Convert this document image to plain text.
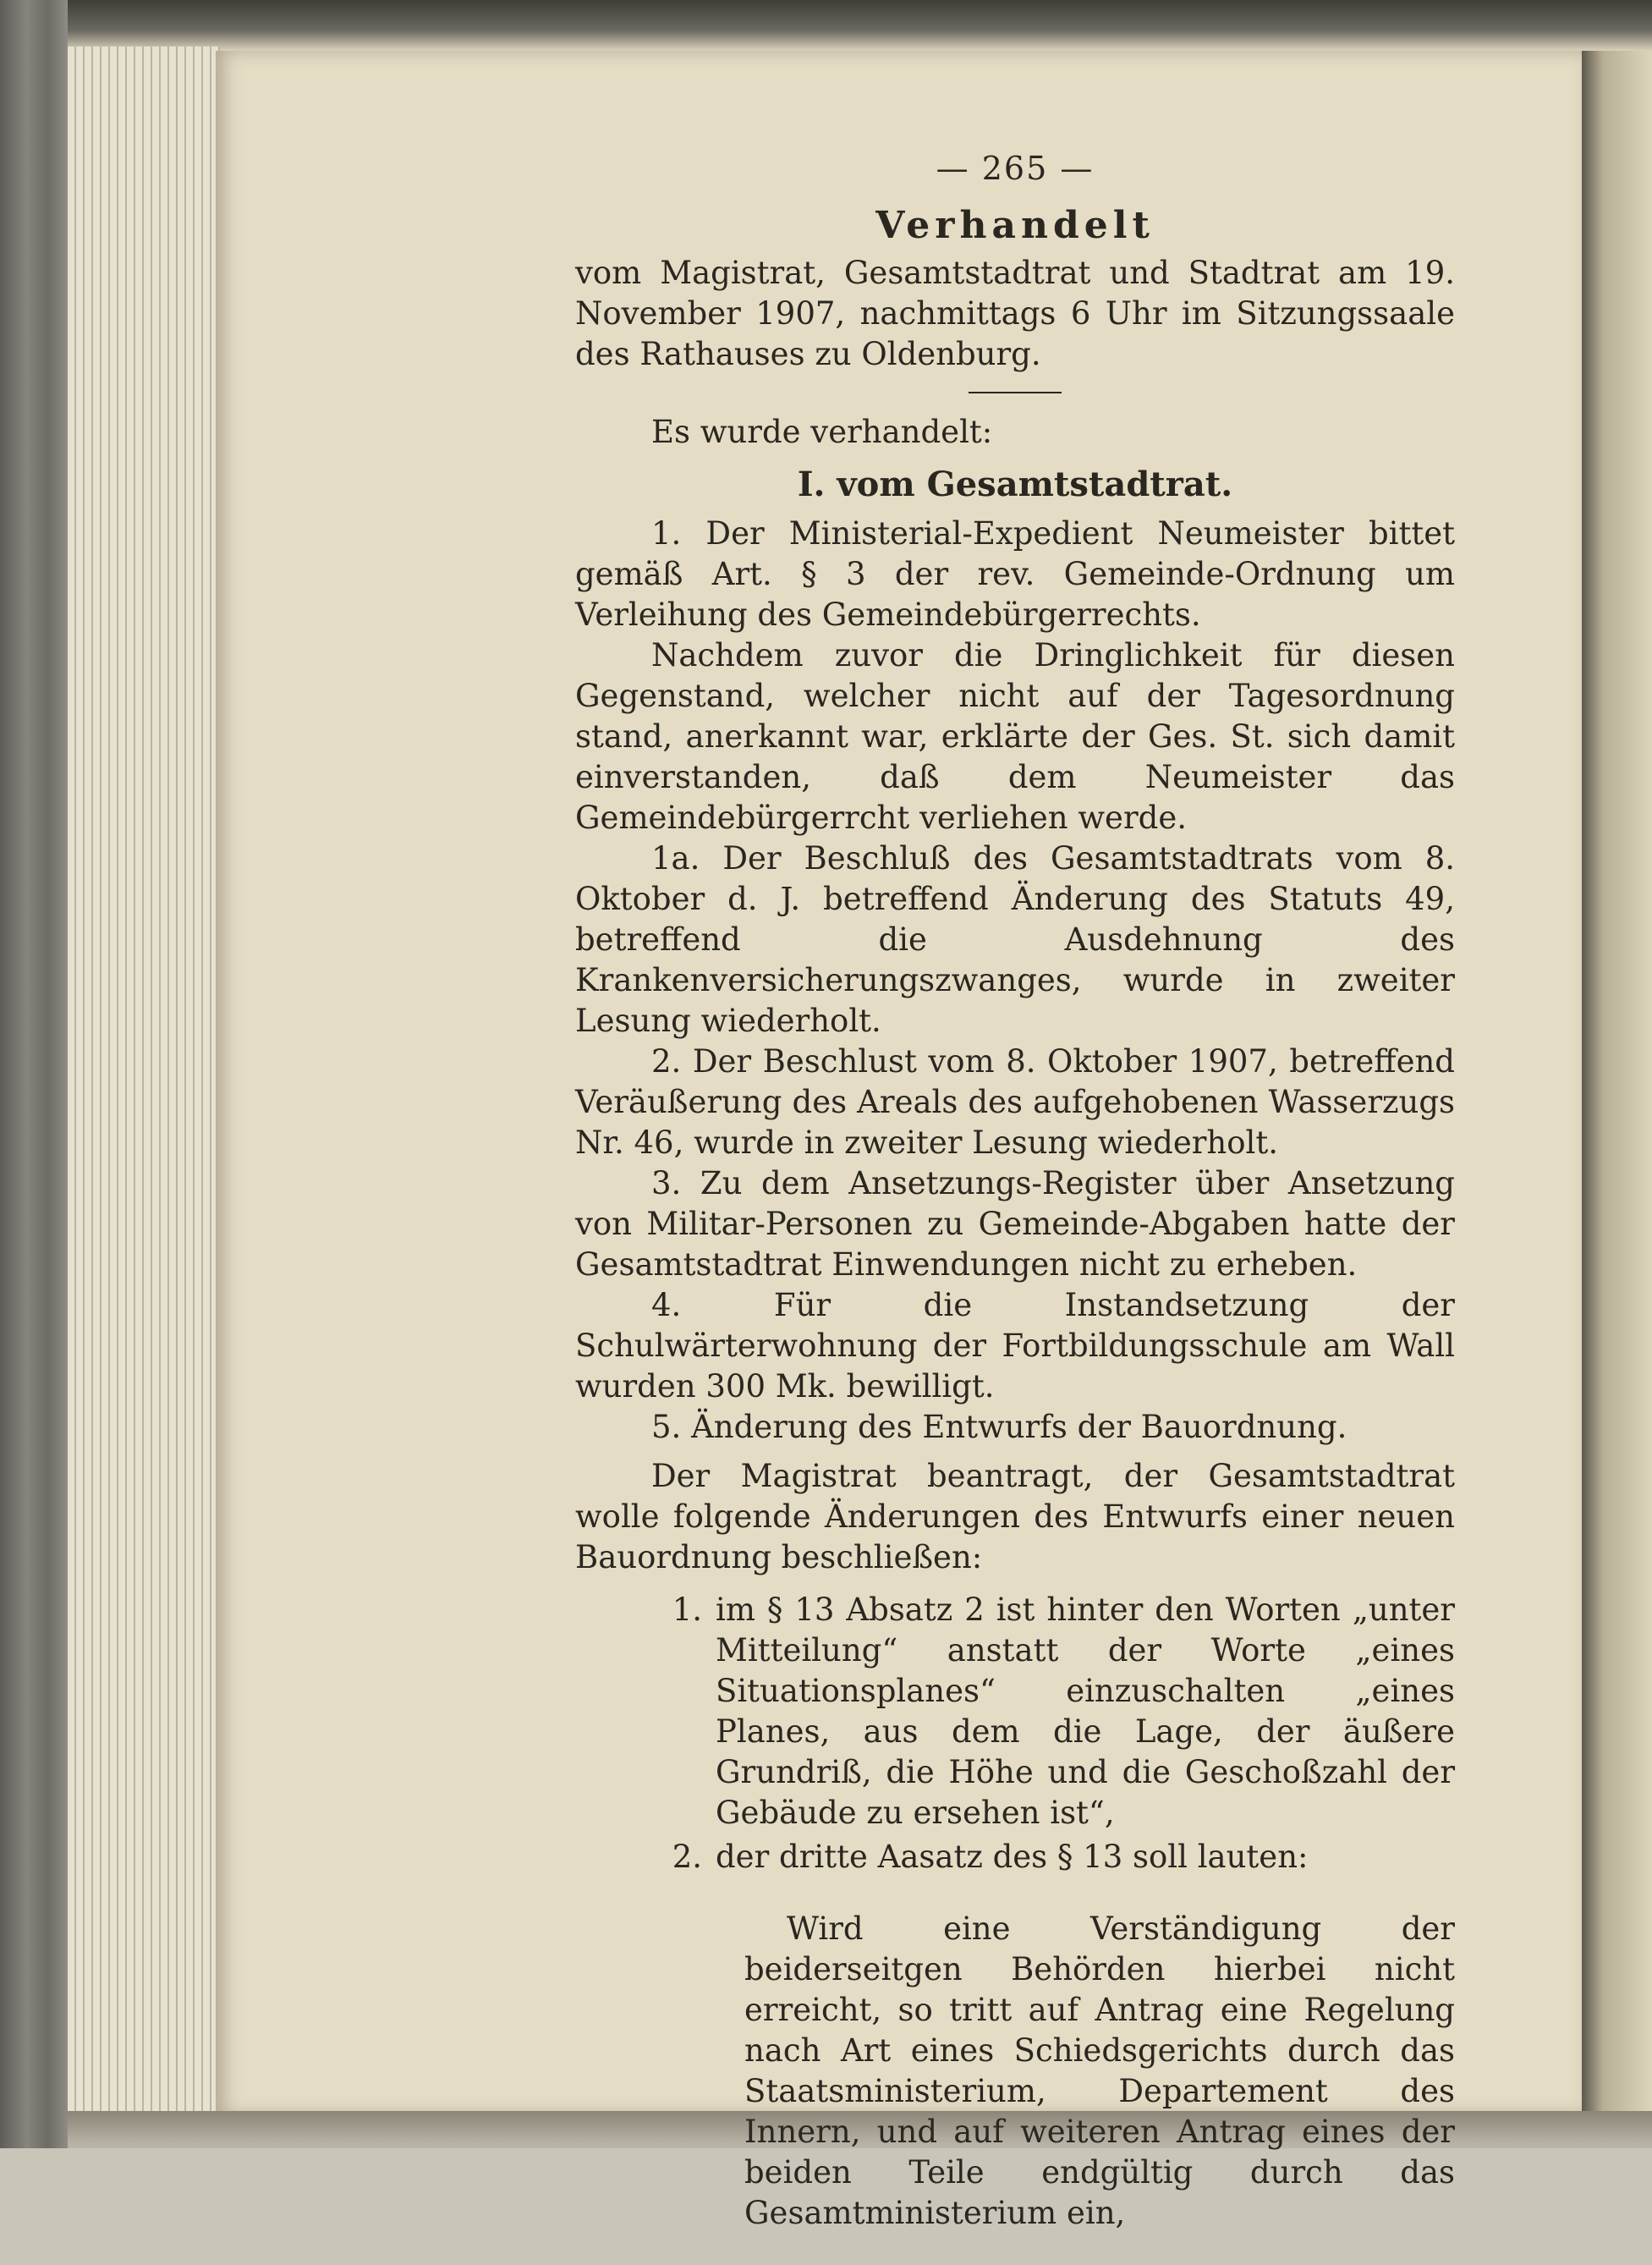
— 265 —
Verhandelt

vom Magistrat, Gesamtstadtrat und Stadtrat am 19. November 1907, nachmittags 6 Uhr im Sitzungssaale des Rathauses zu Oldenburg.

Es wurde verhandelt:

I. vom Gesamtstadtrat.

1. Der Ministerial-Expedient Neumeister bittet gemäß Art. § 3 der rev. Gemeinde-Ordnung um Verleihung des Gemeindebürgerrechts.

Nachdem zuvor die Dringlichkeit für diesen Gegenstand, welcher nicht auf der Tagesordnung stand, anerkannt war, erklärte der Ges. St. sich damit einverstanden, daß dem Neumeister das Gemeindebürgerrcht verliehen werde.

1a. Der Beschluß des Gesamtstadtrats vom 8. Oktober d. J. betreffend Änderung des Statuts 49, betreffend die Ausdehnung des Krankenversicherungszwanges, wurde in zweiter Lesung wiederholt.

2. Der Beschlust vom 8. Oktober 1907, betreffend Veräußerung des Areals des aufgehobenen Wasserzugs Nr. 46, wurde in zweiter Lesung wiederholt.

3. Zu dem Ansetzungs-Register über Ansetzung von Militar-Personen zu Gemeinde-Abgaben hatte der Gesamtstadtrat Einwendungen nicht zu erheben.

4. Für die Instandsetzung der Schulwärterwohnung der Fortbildungsschule am Wall wurden 300 Mk. bewilligt.

5. Änderung des Entwurfs der Bauordnung.

Der Magistrat beantragt, der Gesamtstadtrat wolle folgende Änderungen des Entwurfs einer neuen Bauordnung beschließen:

1. im § 13 Absatz 2 ist hinter den Worten „unter Mitteilung“ anstatt der Worte „eines Situationsplanes“ einzuschalten „eines Planes, aus dem die Lage, der äußere Grundriß, die Höhe und die Geschoßzahl der Gebäude zu ersehen ist“,
2. der dritte Aasatz des § 13 soll lauten:

Wird eine Verständigung der beiderseitgen Behörden hierbei nicht erreicht, so tritt auf Antrag eine Regelung nach Art eines Schiedsgerichts durch das Staatsministerium, Departement des Innern, und auf weiteren Antrag eines der beiden Teile endgültig durch das Gesamtministerium ein,
